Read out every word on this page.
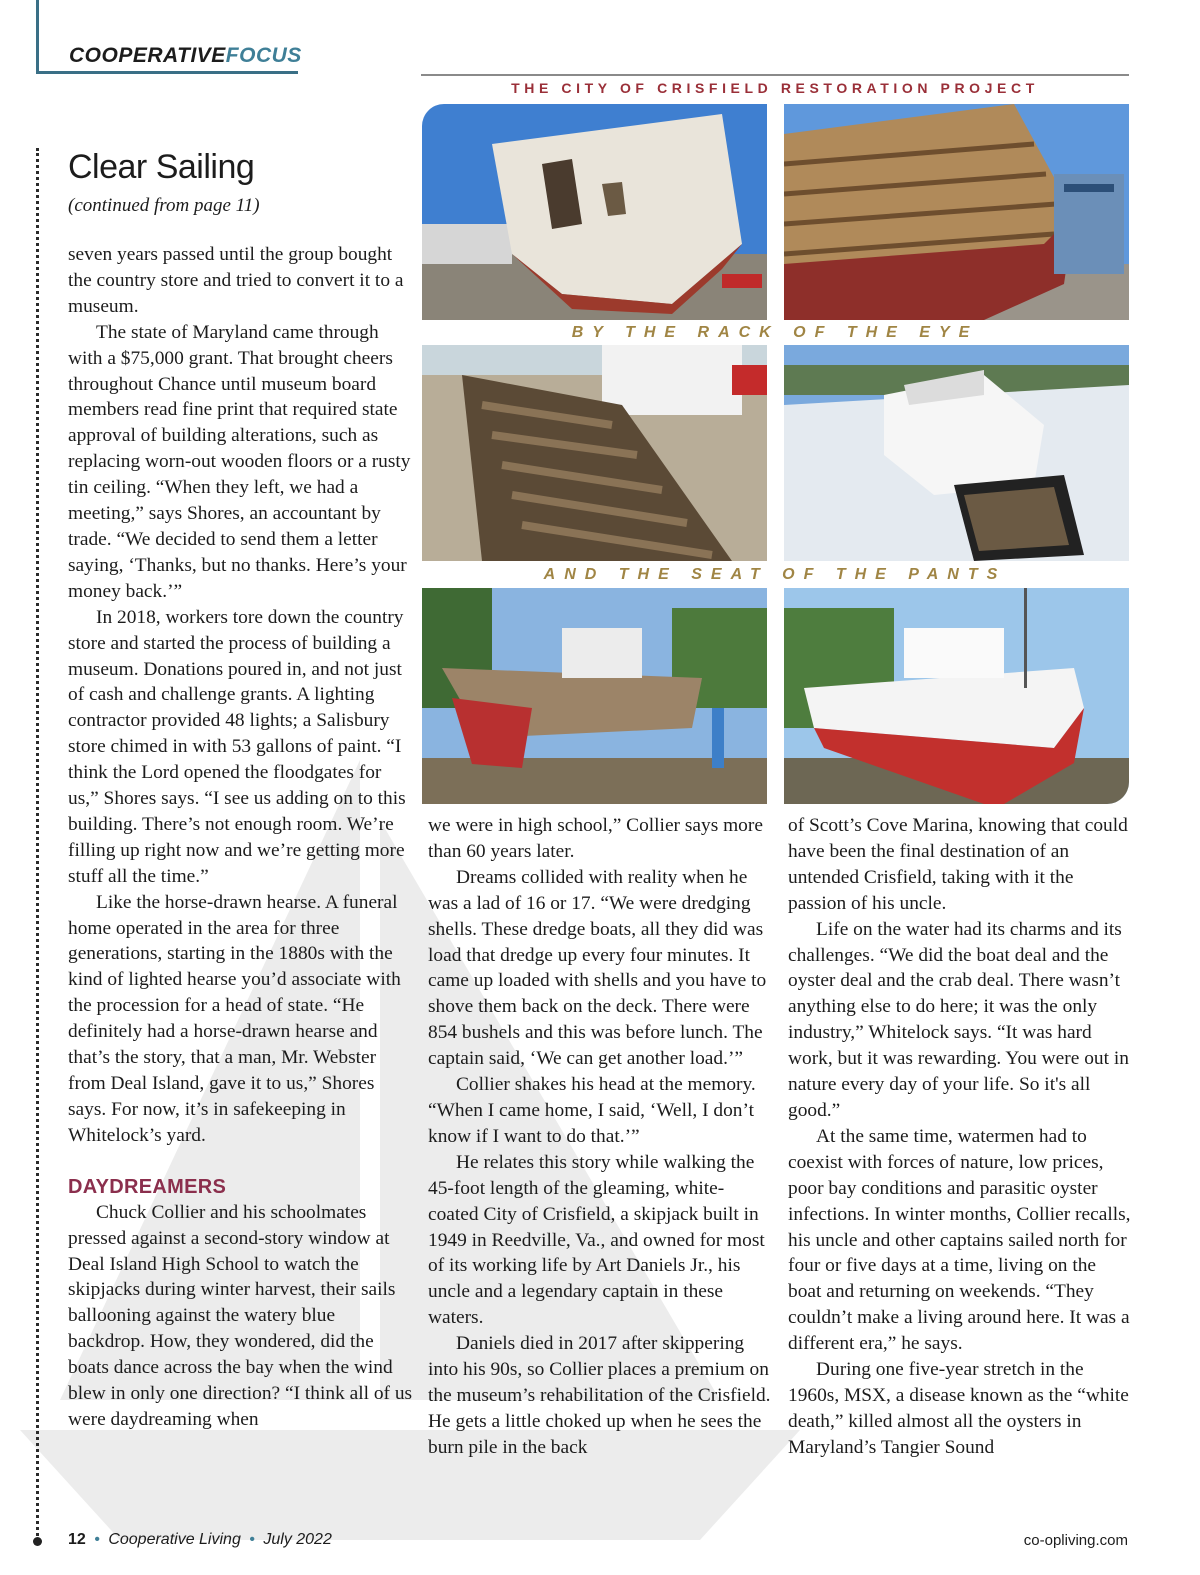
COOPERATIVEFOCUS
THE CITY OF CRISFIELD RESTORATION PROJECT
BY THE RACK OF THE EYE
AND THE SEAT OF THE PANTS
Clear Sailing
(continued from page 11)

seven years passed until the group bought the country store and tried to convert it to a museum.

The state of Maryland came through with a $75,000 grant. That brought cheers throughout Chance until museum board members read fine print that required state approval of building alterations, such as replacing worn-out wooden floors or a rusty tin ceiling. “When they left, we had a meeting,” says Shores, an accountant by trade. “We decided to send them a letter saying, ‘Thanks, but no thanks. Here’s your money back.’”

In 2018, workers tore down the country store and started the process of building a museum. Donations poured in, and not just of cash and challenge grants. A lighting contractor provided 48 lights; a Salisbury store chimed in with 53 gallons of paint. “I think the Lord opened the floodgates for us,” Shores says. “I see us adding on to this building. There’s not enough room. We’re filling up right now and we’re getting more stuff all the time.”

Like the horse-drawn hearse. A funeral home operated in the area for three generations, starting in the 1880s with the kind of lighted hearse you’d associate with the procession for a head of state. “He definitely had a horse-drawn hearse and that’s the story, that a man, Mr. Webster from Deal Island, gave it to us,” Shores says. For now, it’s in safekeeping in Whitelock’s yard.

DAYDREAMERS

Chuck Collier and his schoolmates pressed against a second-story window at Deal Island High School to watch the skipjacks during winter harvest, their sails ballooning against the watery blue backdrop. How, they wondered, did the boats dance across the bay when the wind blew in only one direction? “I think all of us were daydreaming when

we were in high school,” Collier says more than 60 years later.

Dreams collided with reality when he was a lad of 16 or 17. “We were dredging shells. These dredge boats, all they did was load that dredge up every four minutes. It came up loaded with shells and you have to shove them back on the deck. There were 854 bushels and this was before lunch. The captain said, ‘We can get another load.’”

Collier shakes his head at the memory. “When I came home, I said, ‘Well, I don’t know if I want to do that.’”

He relates this story while walking the 45-foot length of the gleaming, white-coated City of Crisfield, a skipjack built in 1949 in Reedville, Va., and owned for most of its working life by Art Daniels Jr., his uncle and a legendary captain in these waters.

Daniels died in 2017 after skippering into his 90s, so Collier places a premium on the museum’s rehabilitation of the Crisfield. He gets a little choked up when he sees the burn pile in the back

of Scott’s Cove Marina, knowing that could have been the final destination of an untended Crisfield, taking with it the passion of his uncle.

Life on the water had its charms and its challenges. “We did the boat deal and the oyster deal and the crab deal. There wasn’t anything else to do here; it was the only industry,” Whitelock says. “It was hard work, but it was rewarding. You were out in nature every day of your life. So it's all good.”

At the same time, watermen had to coexist with forces of nature, low prices, poor bay conditions and parasitic oyster infections. In winter months, Collier recalls, his uncle and other captains sailed north for four or five days at a time, living on the boat and returning on weekends. “They couldn’t make a living around here. It was a different era,” he says.

During one five-year stretch in the 1960s, MSX, a disease known as the “white death,” killed almost all the oysters in Maryland’s Tangier Sound

12 • Cooperative Living • July 2022	co-opliving.com
